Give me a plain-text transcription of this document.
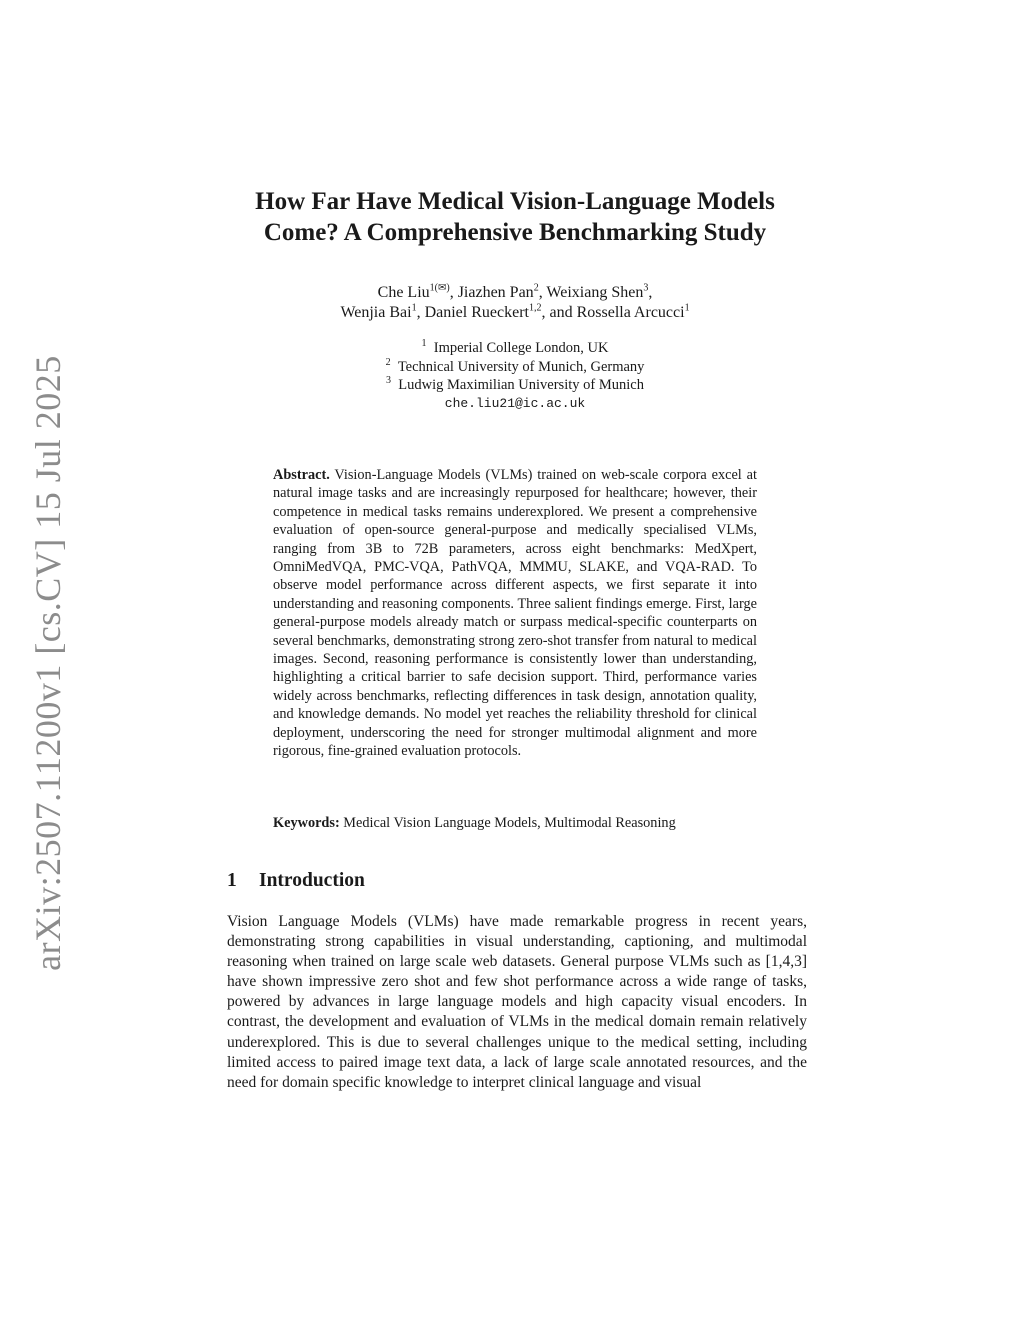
arXiv:2507.11200v1 [cs.CV] 15 Jul 2025
How Far Have Medical Vision-Language Models
Come? A Comprehensive Benchmarking Study
Che Liu$^{1(✉)}$, Jiazhen Pan$^2$, Weixiang Shen$^3$,
Wenjia Bai$^1$, Daniel Rueckert$^{1,2}$, and Rossella Arcucci$^1$
$^1$ Imperial College London, UK
$^2$ Technical University of Munich, Germany
$^3$ Ludwig Maximilian University of Munich
che.liu21@ic.ac.uk
Abstract. Vision-Language Models (VLMs) trained on web-scale corpora excel at natural image tasks and are increasingly repurposed for healthcare; however, their competence in medical tasks remains underexplored. We present a comprehensive evaluation of open-source general-purpose and medically specialised VLMs, ranging from 3B to 72B parameters, across eight benchmarks: MedXpert, OmniMedVQA, PMC-VQA, PathVQA, MMMU, SLAKE, and VQA-RAD. To observe model performance across different aspects, we first separate it into understanding and reasoning components. Three salient findings emerge. First, large general-purpose models already match or surpass medical-specific counterparts on several benchmarks, demonstrating strong zero-shot transfer from natural to medical images. Second, reasoning performance is consistently lower than understanding, highlighting a critical barrier to safe decision support. Third, performance varies widely across benchmarks, reflecting differences in task design, annotation quality, and knowledge demands. No model yet reaches the reliability threshold for clinical deployment, underscoring the need for stronger multimodal alignment and more rigorous, fine-grained evaluation protocols.
Keywords: Medical Vision Language Models, Multimodal Reasoning
1 Introduction
Vision Language Models (VLMs) have made remarkable progress in recent years, demonstrating strong capabilities in visual understanding, captioning, and multimodal reasoning when trained on large scale web datasets. General purpose VLMs such as [1,4,3] have shown impressive zero shot and few shot performance across a wide range of tasks, powered by advances in large language models and high capacity visual encoders. In contrast, the development and evaluation of VLMs in the medical domain remain relatively underexplored. This is due to several challenges unique to the medical setting, including limited access to paired image text data, a lack of large scale annotated resources, and the need for domain specific knowledge to interpret clinical language and visual
